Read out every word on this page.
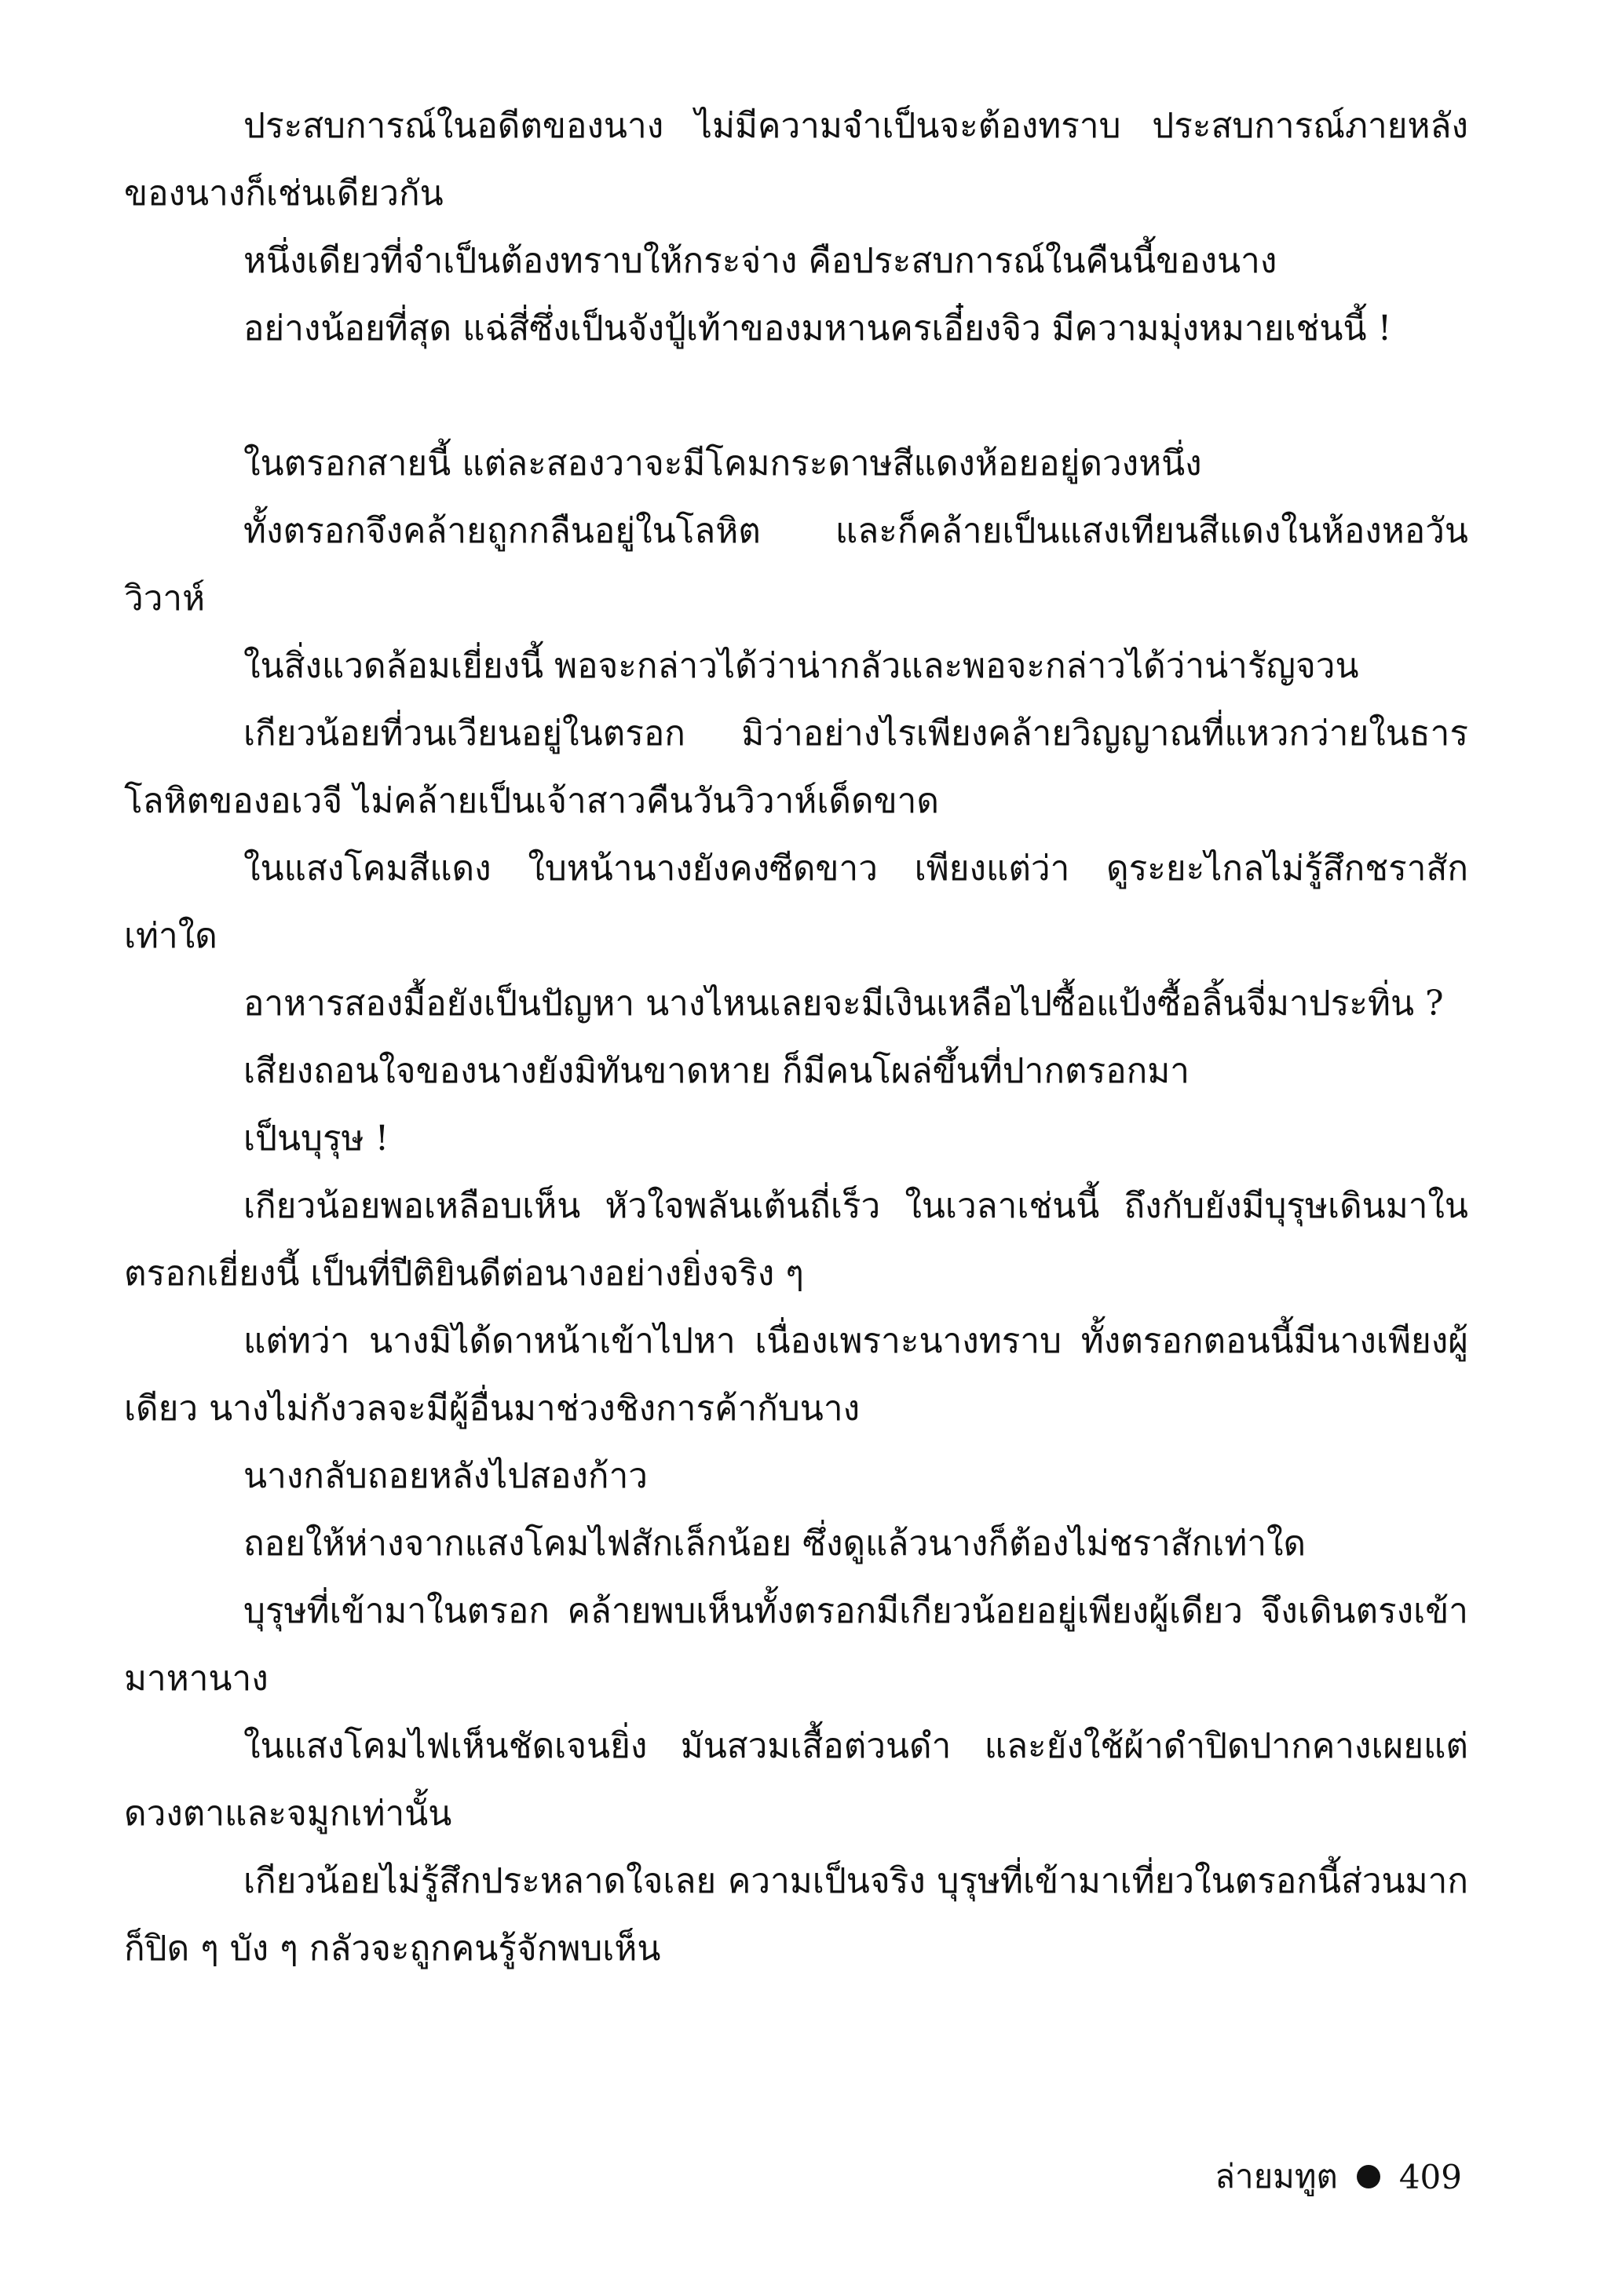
ประสบการณ์ในอดีตของนาง ไม่มีความจำเป็นจะต้องทราบ ประสบการณ์ภายหลังของนางก็เช่นเดียวกัน

หนึ่งเดียวที่จำเป็นต้องทราบให้กระจ่าง คือประสบการณ์ในคืนนี้ของนาง

อย่างน้อยที่สุด แฉ่สี่ซึ่งเป็นจังปู้เท้าของมหานครเอี๋ยงจิว มีความมุ่งหมายเช่นนี้ !

ในตรอกสายนี้ แต่ละสองวาจะมีโคมกระดาษสีแดงห้อยอยู่ดวงหนึ่ง

ทั้งตรอกจึงคล้ายถูกกลืนอยู่ในโลหิต และก็คล้ายเป็นแสงเทียนสีแดงในห้องหอวันวิวาห์

ในสิ่งแวดล้อมเยี่ยงนี้ พอจะกล่าวได้ว่าน่ากลัวและพอจะกล่าวได้ว่าน่ารัญจวน

เกียวน้อยที่วนเวียนอยู่ในตรอก มิว่าอย่างไรเพียงคล้ายวิญญาณที่แหวกว่ายในธารโลหิตของอเวจี ไม่คล้ายเป็นเจ้าสาวคืนวันวิวาห์เด็ดขาด

ในแสงโคมสีแดง ใบหน้านางยังคงซีดขาว เพียงแต่ว่า ดูระยะไกลไม่รู้สึกชราสักเท่าใด

อาหารสองมื้อยังเป็นปัญหา นางไหนเลยจะมีเงินเหลือไปซื้อแป้งซื้อลิ้นจี่มาประทิ่น ?

เสียงถอนใจของนางยังมิทันขาดหาย ก็มีคนโผล่ขึ้นที่ปากตรอกมา

เป็นบุรุษ !

เกียวน้อยพอเหลือบเห็น หัวใจพลันเต้นถี่เร็ว ในเวลาเช่นนี้ ถึงกับยังมีบุรุษเดินมาในตรอกเยี่ยงนี้ เป็นที่ปีติยินดีต่อนางอย่างยิ่งจริง ๆ

แต่ทว่า นางมิได้ดาหน้าเข้าไปหา เนื่องเพราะนางทราบ ทั้งตรอกตอนนี้มีนางเพียงผู้เดียว นางไม่กังวลจะมีผู้อื่นมาช่วงชิงการค้ากับนาง

นางกลับถอยหลังไปสองก้าว

ถอยให้ห่างจากแสงโคมไฟสักเล็กน้อย ซึ่งดูแล้วนางก็ต้องไม่ชราสักเท่าใด

บุรุษที่เข้ามาในตรอก คล้ายพบเห็นทั้งตรอกมีเกียวน้อยอยู่เพียงผู้เดียว จึงเดินตรงเข้ามาหานาง

ในแสงโคมไฟเห็นชัดเจนยิ่ง มันสวมเสื้อต่วนดำ และยังใช้ผ้าดำปิดปากคางเผยแต่ดวงตาและจมูกเท่านั้น

เกียวน้อยไม่รู้สึกประหลาดใจเลย ความเป็นจริง บุรุษที่เข้ามาเที่ยวในตรอกนี้ส่วนมากก็ปิด ๆ บัง ๆ กลัวจะถูกคนรู้จักพบเห็น

ล่ายมทูต 409
